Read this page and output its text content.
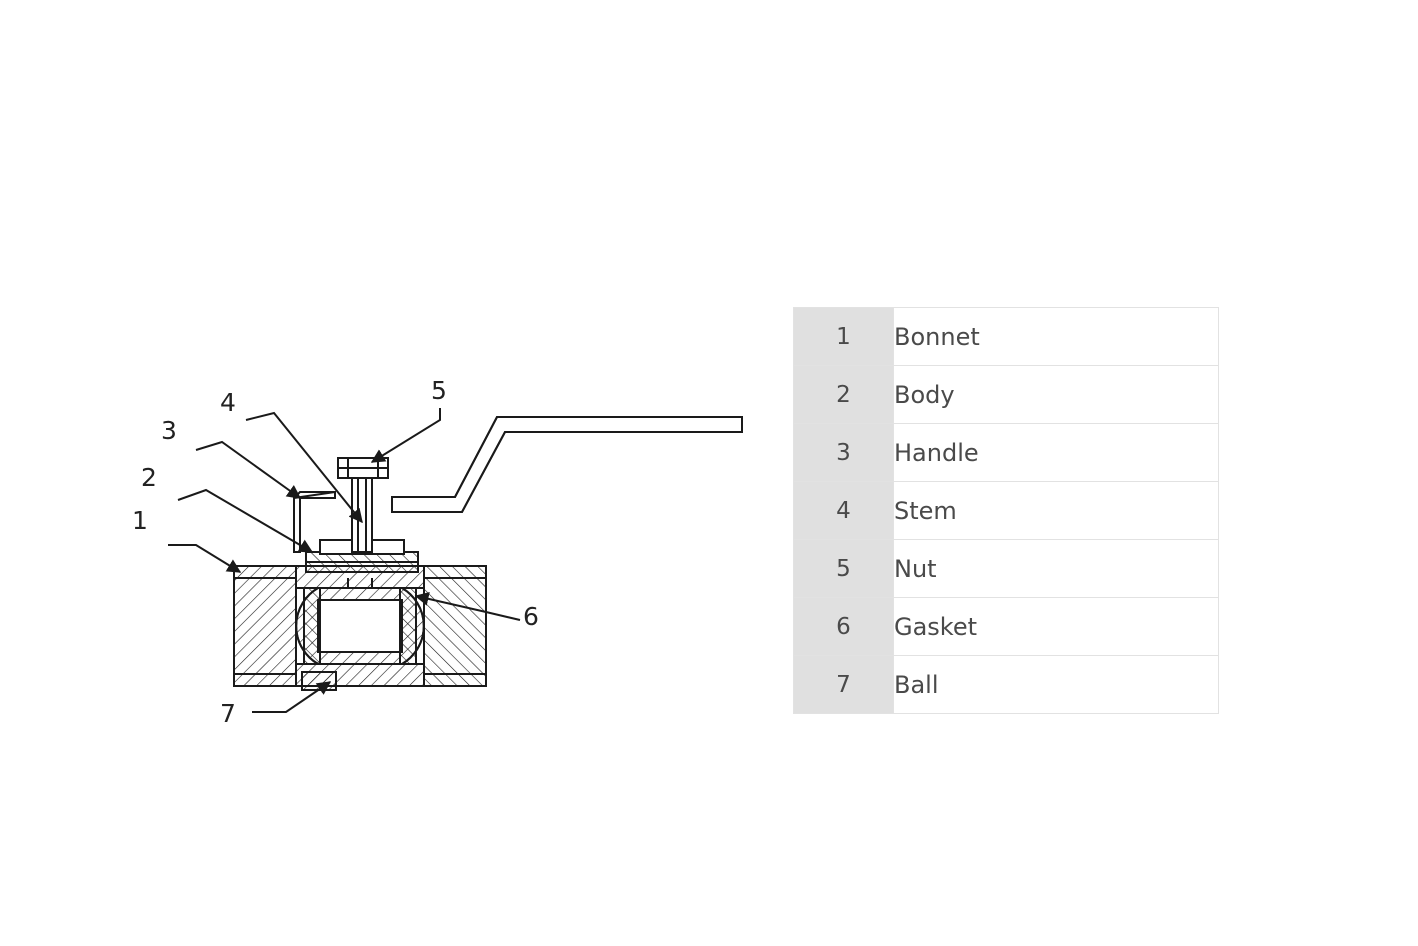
1
2
3
4	5
6
7
1	Bonnet
2	Body
3	Handle
4	Stem
5	Nut
6	Gasket
7	Ball
